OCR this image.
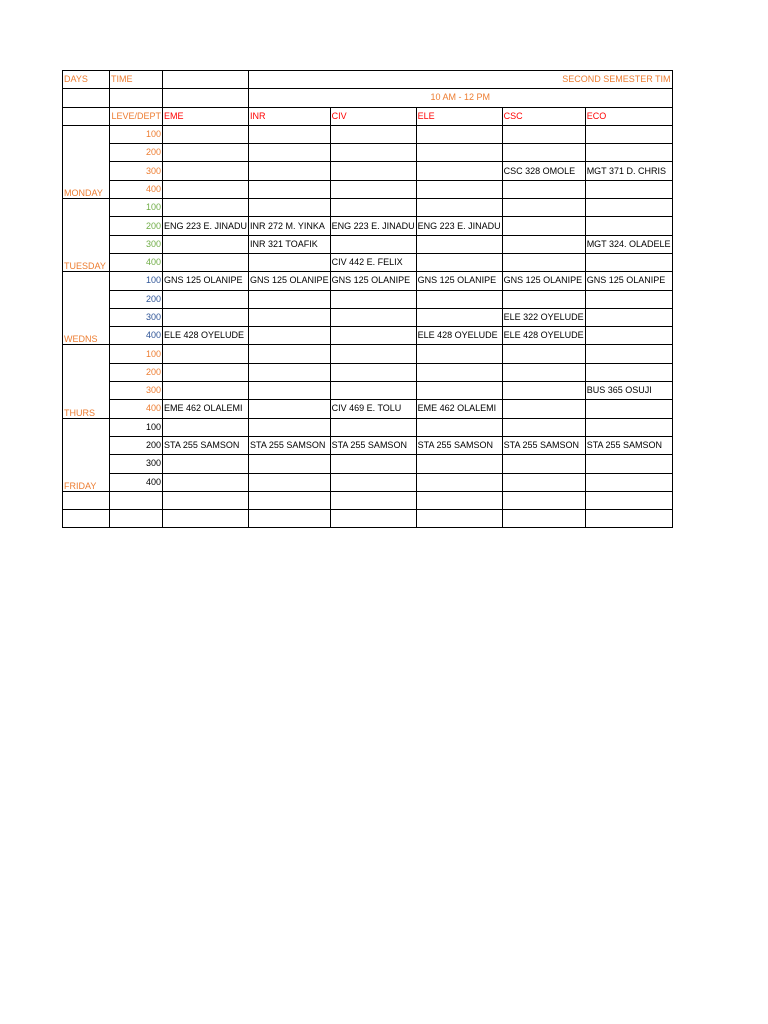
DAYS	TIME		SECOND SEMESTER TIM				
			10 AM - 12 PM				
	LEVE/DEPT	EME	INR	CIV	ELE	CSC	ECO
MONDAY	100						
	200						
	300					CSC 328 OMOLE	MGT 371 D. CHRIS
	400						
TUESDAY	100						
	200	ENG 223 E. JINADU	INR 272 M. YINKA	ENG 223 E. JINADU	ENG 223 E. JINADU		
	300		INR 321 TOAFIK				MGT 324. OLADELE
	400			CIV 442 E. FELIX			
WEDNS	100	GNS 125 OLANIPE	GNS 125 OLANIPE	GNS 125 OLANIPE	GNS 125 OLANIPE	GNS 125 OLANIPE	GNS 125 OLANIPE
	200						
	300					ELE 322 OYELUDE	
	400	ELE 428 OYELUDE			ELE 428 OYELUDE	ELE 428 OYELUDE	
THURS	100						
	200						
	300						BUS 365 OSUJI
	400	EME 462 OLALEMI		CIV 469 E. TOLU	EME 462 OLALEMI		
FRIDAY	100						
	200	STA 255 SAMSON	STA 255 SAMSON	STA 255 SAMSON	STA 255 SAMSON	STA 255 SAMSON	STA 255 SAMSON
	300						
	400						
